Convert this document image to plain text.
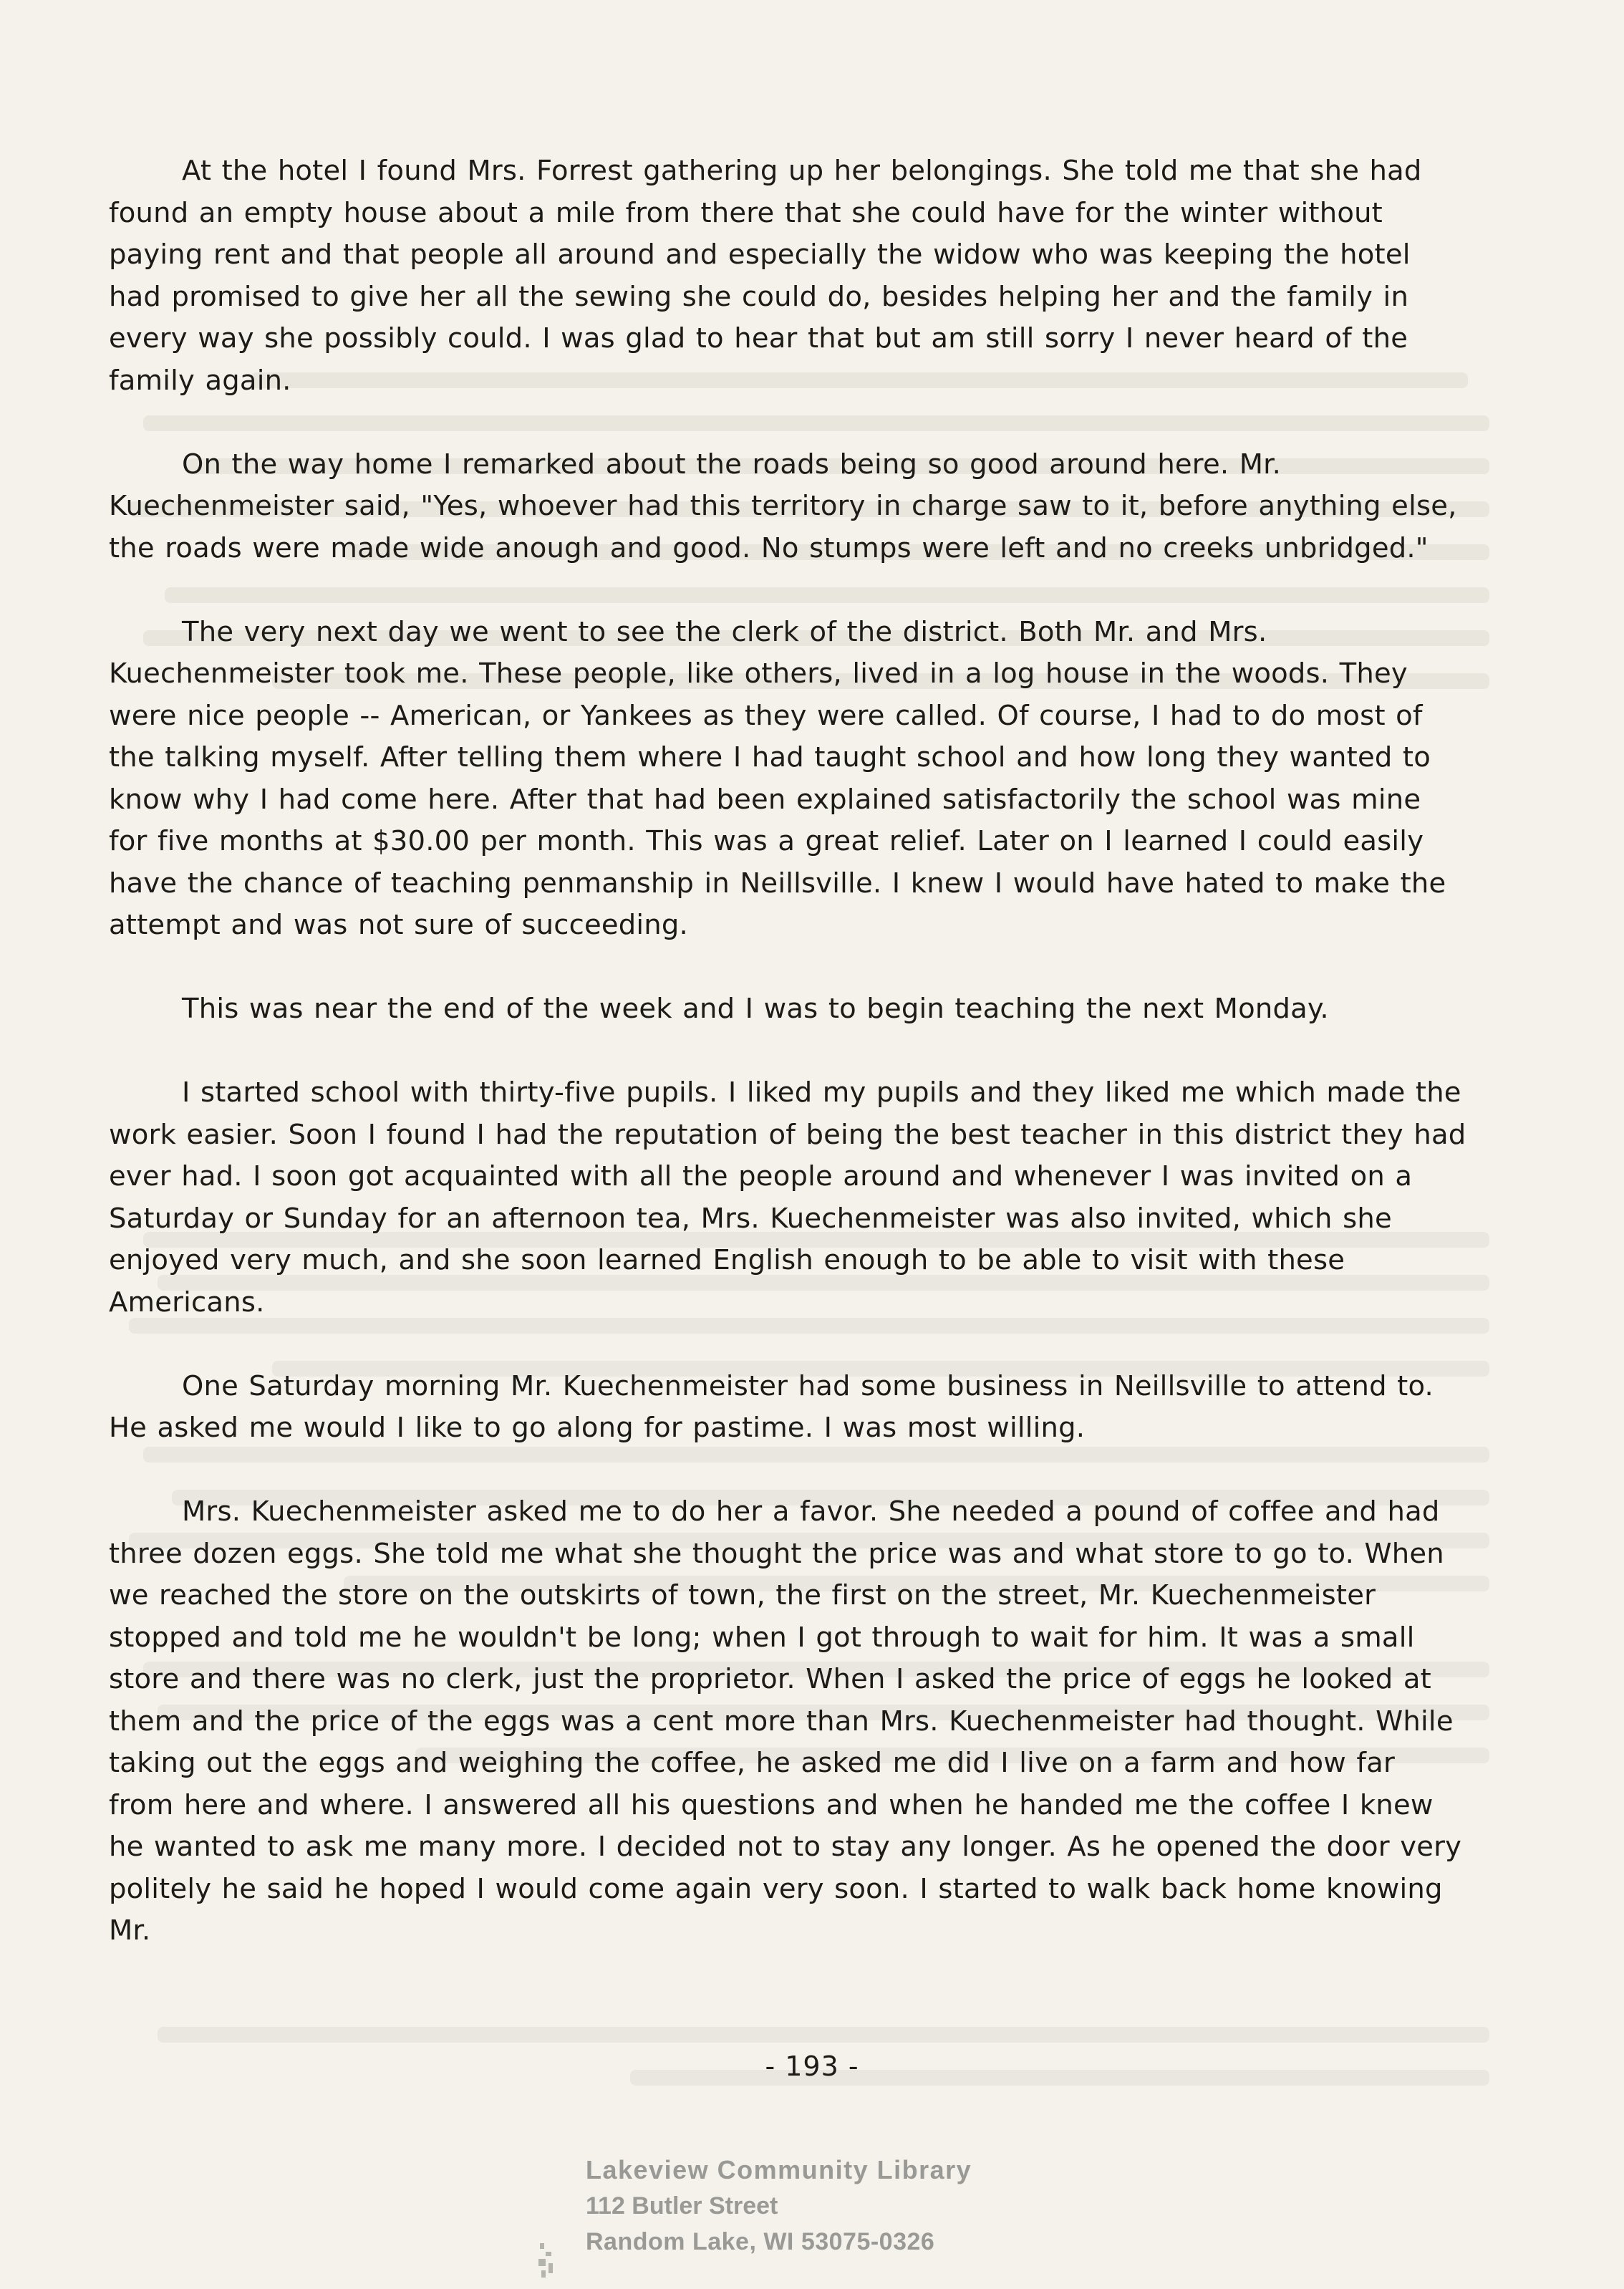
At the hotel I found Mrs. Forrest gathering up her belongings. She told me that she had found an empty house about a mile from there that she could have for the winter without paying rent and that people all around and especially the widow who was keeping the hotel had promised to give her all the sewing she could do, besides helping her and the family in every way she possibly could. I was glad to hear that but am still sorry I never heard of the family again.

On the way home I remarked about the roads being so good around here. Mr. Kuechenmeister said, "Yes, whoever had this territory in charge saw to it, before anything else, the roads were made wide anough and good. No stumps were left and no creeks unbridged."

The very next day we went to see the clerk of the district. Both Mr. and Mrs. Kuechenmeister took me. These people, like others, lived in a log house in the woods. They were nice people -- American, or Yankees as they were called. Of course, I had to do most of the talking myself. After telling them where I had taught school and how long they wanted to know why I had come here. After that had been explained satisfactorily the school was mine for five months at $30.00 per month. This was a great relief. Later on I learned I could easily have the chance of teaching penmanship in Neillsville. I knew I would have hated to make the attempt and was not sure of succeeding.

This was near the end of the week and I was to begin teaching the next Monday.

I started school with thirty-five pupils. I liked my pupils and they liked me which made the work easier. Soon I found I had the reputation of being the best teacher in this district they had ever had. I soon got acquainted with all the people around and whenever I was invited on a Saturday or Sunday for an afternoon tea, Mrs. Kuechenmeister was also invited, which she enjoyed very much, and she soon learned English enough to be able to visit with these Americans.

One Saturday morning Mr. Kuechenmeister had some business in Neillsville to attend to. He asked me would I like to go along for pastime. I was most willing.

Mrs. Kuechenmeister asked me to do her a favor. She needed a pound of coffee and had three dozen eggs. She told me what she thought the price was and what store to go to. When we reached the store on the outskirts of town, the first on the street, Mr. Kuechenmeister stopped and told me he wouldn't be long; when I got through to wait for him. It was a small store and there was no clerk, just the proprietor. When I asked the price of eggs he looked at them and the price of the eggs was a cent more than Mrs. Kuechenmeister had thought. While taking out the eggs and weighing the coffee, he asked me did I live on a farm and how far from here and where. I answered all his questions and when he handed me the coffee I knew he wanted to ask me many more. I decided not to stay any longer. As he opened the door very politely he said he hoped I would come again very soon. I started to walk back home knowing Mr.

- 193 -
Lakeview Community Library
112 Butler Street
Random Lake, WI 53075-0326
